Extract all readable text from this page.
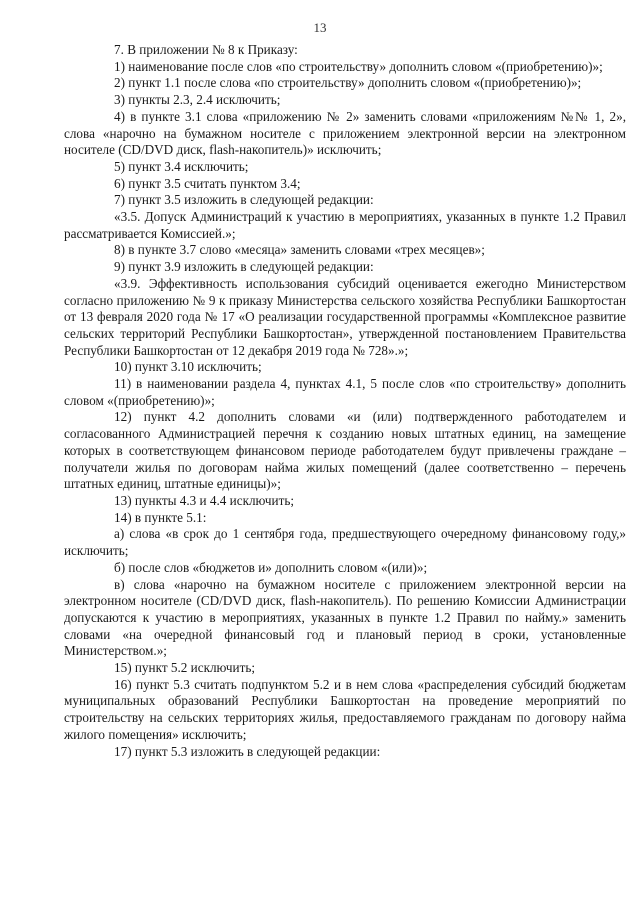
13

7. В приложении № 8 к Приказу:

1) наименование после слов «по строительству» дополнить словом «(приобретению)»;

2) пункт 1.1 после слова «по строительству» дополнить словом «(приобретению)»;

3) пункты 2.3, 2.4 исключить;

4) в пункте 3.1 слова «приложению № 2» заменить словами «приложениям №№ 1, 2», слова «нарочно на бумажном носителе с приложением электронной версии на электронном носителе (CD/DVD диск, flash-накопитель)» исключить;

5) пункт 3.4 исключить;

6) пункт 3.5 считать пунктом 3.4;

7) пункт 3.5 изложить в следующей редакции:

«3.5. Допуск Администраций к участию в мероприятиях, указанных в пункте 1.2 Правил рассматривается Комиссией.»;

8) в пункте 3.7 слово «месяца» заменить словами «трех месяцев»;

9) пункт 3.9 изложить в следующей редакции:

«3.9. Эффективность использования субсидий оценивается ежегодно Министерством согласно приложению № 9 к приказу Министерства сельского хозяйства Республики Башкортостан от 13 февраля 2020 года № 17 «О реализации государственной программы «Комплексное развитие сельских территорий Республики Башкортостан», утвержденной постановлением Правительства Республики Башкортостан от 12 декабря 2019 года № 728».»;

10) пункт 3.10 исключить;

11) в наименовании раздела 4, пунктах 4.1, 5 после слов «по строительству» дополнить словом «(приобретению)»;

12) пункт 4.2 дополнить словами «и (или) подтвержденного работодателем и согласованного Администрацией перечня к созданию новых штатных единиц, на замещение которых в соответствующем финансовом периоде работодателем будут привлечены граждане – получатели жилья по договорам найма жилых помещений (далее соответственно – перечень штатных единиц, штатные единицы)»;

13) пункты 4.3 и 4.4 исключить;

14) в пункте 5.1:

а) слова «в срок до 1 сентября года, предшествующего очередному финансовому году,» исключить;

б) после слов «бюджетов и» дополнить словом «(или)»;

в) слова «нарочно на бумажном носителе с приложением электронной версии на электронном носителе (CD/DVD диск, flash-накопитель). По решению Комиссии Администрации допускаются к участию в мероприятиях, указанных в пункте 1.2 Правил по найму.» заменить словами «на очередной финансовый год и плановый период в сроки, установленные Министерством.»;

15) пункт 5.2 исключить;

16) пункт 5.3 считать подпунктом 5.2 и в нем слова «распределения субсидий бюджетам муниципальных образований Республики Башкортостан на проведение мероприятий по строительству на сельских территориях жилья, предоставляемого гражданам по договору найма жилого помещения» исключить;

17) пункт 5.3 изложить в следующей редакции:
